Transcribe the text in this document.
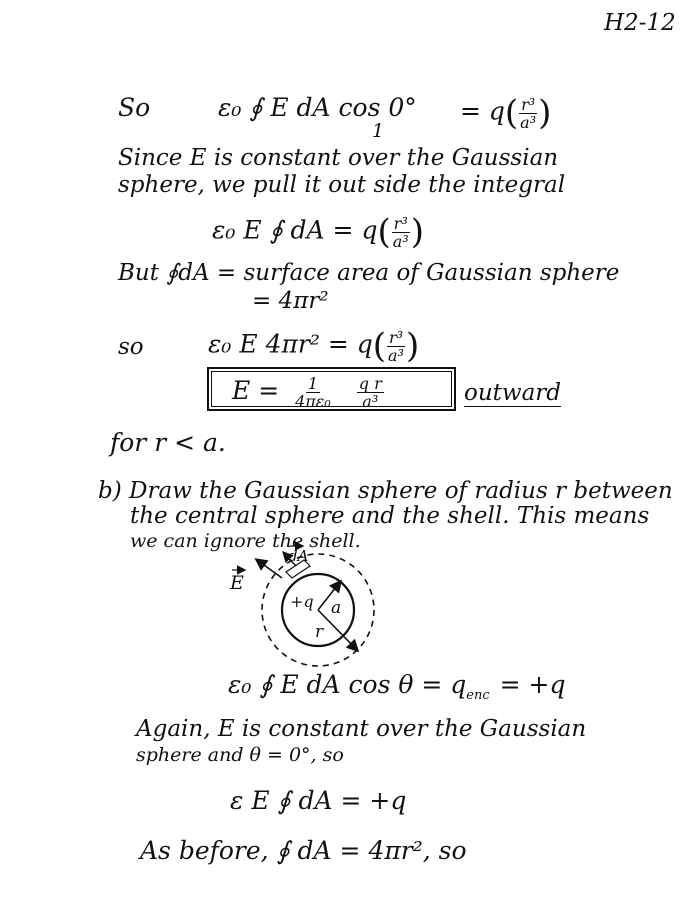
H2-12
So	ε₀ ∮ E dA cos 0°
1
= $q( \frac{\text{r³}}{\text{a³}}$ )
Since E is constant over the Gaussian
sphere, we pull it out side the integral
ε₀ E ∮ dA = $q( \frac{\text{r³}}{\text{a³}}$ )
But ∮dA = surface area of Gaussian sphere
= 4πr²
so	ε₀ E $4\pi r^2 = q( \frac{\text{r³}}{\text{a³}}$ )
$E = \frac{1}{\text{4πε₀}}$
$\frac{\text{q r}}{\text{a³}}$	outward
for r < a.
b) Draw the Gaussian sphere of radius r between
the central sphere and the shell. This means
we can ignore the shell.
E
dA
+q a
r
ε₀ ∮ E dA $\cos \theta = q_{enc} = +q$
Again, E is constant over the Gaussian
sphere and θ = 0°, so
ε E ∮ dA = +q
As before, ∮ dA = 4πr², so
